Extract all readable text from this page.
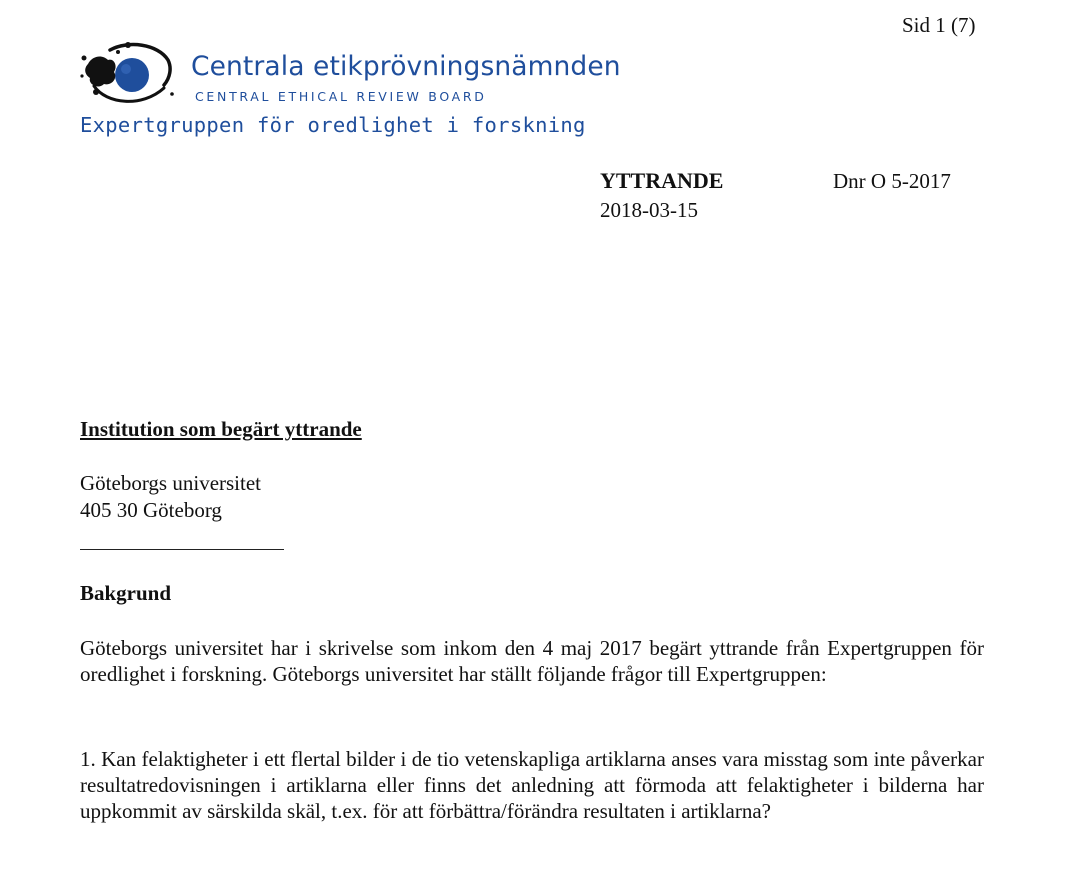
Sid 1 (7)
Centrala etikprövningsnämnden
CENTRAL ETHICAL REVIEW BOARD
Expertgruppen för oredlighet i forskning
YTTRANDE
2018-03-15
Dnr O 5-2017
Institution som begärt yttrande
Göteborgs universitet
405 30 Göteborg
Bakgrund
Göteborgs universitet har i skrivelse som inkom den 4 maj 2017 begärt yttrande från Expertgruppen för oredlighet i forskning. Göteborgs universitet har ställt följande frågor till Expertgruppen:
1. Kan felaktigheter i ett flertal bilder i de tio vetenskapliga artiklarna anses vara misstag som inte påverkar resultatredovisningen i artiklarna eller finns det anledning att förmoda att felaktigheter i bilderna har uppkommit av särskilda skäl, t.ex. för att förbättra/förändra resultaten i artiklarna?
